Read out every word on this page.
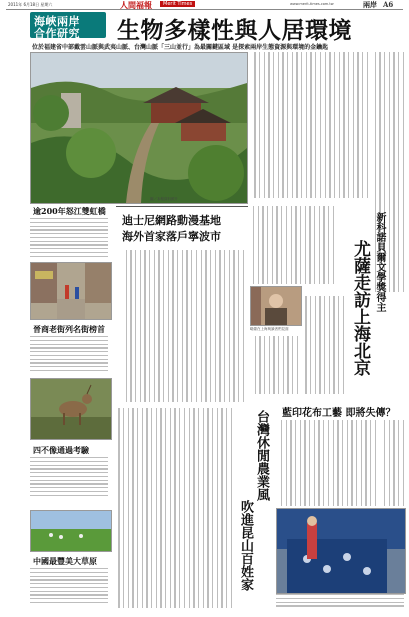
2011年 6月18日 星期六	人間福報	Merit Times	www.merit-times.com.tw	兩岸 A6
海峽兩岸
合作研究 生物多樣性與人居環境
位於福建省中部戴雲山脈與武夷山脈、台灣山脈「三山並行」為最關鍵區域 是探索兩岸生態資源與環境的金鑰匙
圖／本報資料照片
逾200年怒江雙虹橋
晉商老街列名街榜首
四不像通過考驗
中國最豐美大草原
迪士尼網路動漫基地
海外首家落戶寧波市
略薩在上海與讀者們見面
新科諾貝爾文學獎得主
尤薩走訪上海北京
台灣休閒農業風
吹進昆山百姓家
藍印花布工藝 即將失傳？
